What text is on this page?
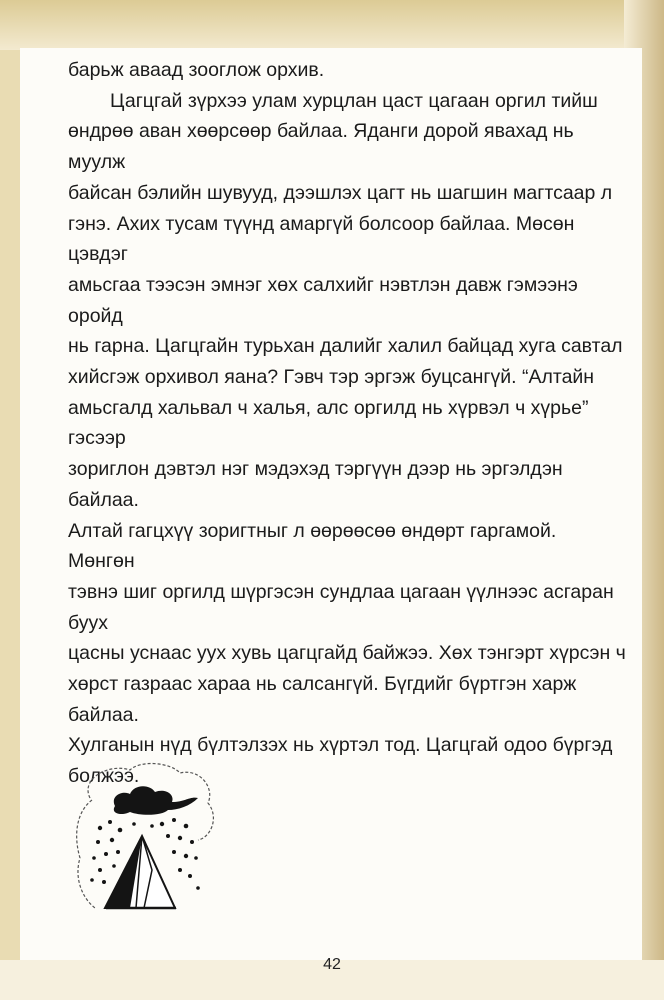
барьж аваад зооглож орхив.

Цагцгай зүрхээ улам хурцлан цаст цагаан оргил тийш
өндрөө аван хөөрсөөр байлаа. Яданги дорой явахад нь муулж
байсан бэлийн шувууд, дээшлэх цагт нь шагшин магтсаар л
гэнэ. Ахих тусам түүнд амаргүй болсоор байлаа. Мөсөн цэвдэг
амьсгаа тээсэн эмнэг хөх салхийг нэвтлэн давж гэмээнэ оройд
нь гарна. Цагцгайн турьхан далийг халил байцад хуга савтал
хийсгэж орхивол яана? Гэвч тэр эргэж буцсангүй. “Алтайн
амьсгалд хальвал ч халья, алс оргилд нь хүрвэл ч хүрье” гэсээр
зориглон дэвтэл нэг мэдэхэд тэргүүн дээр нь эргэлдэн байлаа.
Алтай гагцхүү зоригтныг л өөрөөсөө өндөрт гаргамой. Мөнгөн
тэвнэ шиг оргилд шүргэсэн сундлаа цагаан үүлнээс асгаран буух
цасны уснаас уух хувь цагцгайд байжээ. Хөх тэнгэрт хүрсэн ч
хөрст газраас хараа нь салсангүй. Бүгдийг бүртгэн харж байлаа.
Хулганын нүд бүлтэлзэх нь хүртэл тод. Цагцгай одоо бүргэд
болжээ.

42
